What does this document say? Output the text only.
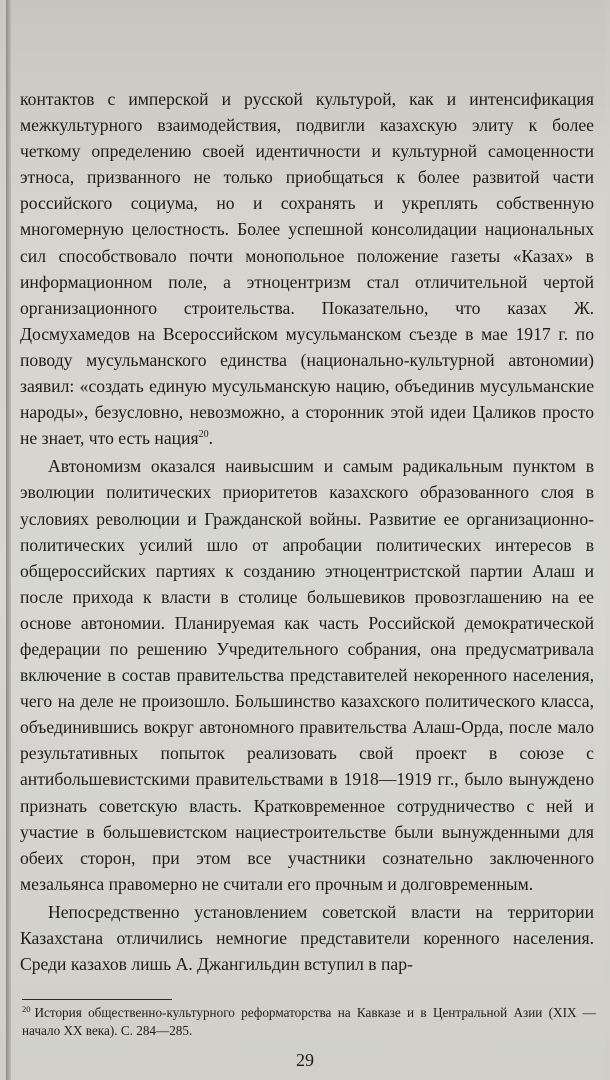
контактов с имперской и русской культурой, как и интенсификация межкультурного взаимодействия, подвигли казахскую элиту к более четкому определению своей идентичности и культурной самоценности этноса, призванного не только приобщаться к более развитой части российского социума, но и сохранять и укреплять собственную многомерную целостность. Более успешной консолидации национальных сил способствовало почти монопольное положение газеты «Казах» в информационном поле, а этноцентризм стал отличительной чертой организационного строительства. Показательно, что казах Ж. Досмухамедов на Всероссийском мусульманском съезде в мае 1917 г. по поводу мусульманского единства (национально-культурной автономии) заявил: «создать единую мусульманскую нацию, объединив мусульманские народы», безусловно, невозможно, а сторонник этой идеи Цаликов просто не знает, что есть нация$^{20}$.

Автономизм оказался наивысшим и самым радикальным пунктом в эволюции политических приоритетов казахского образованного слоя в условиях революции и Гражданской войны. Развитие ее организационно-политических усилий шло от апробации политических интересов в общероссийских партиях к созданию этноцентристской партии Алаш и после прихода к власти в столице большевиков провозглашению на ее основе автономии. Планируемая как часть Российской демократической федерации по решению Учредительного собрания, она предусматривала включение в состав правительства представителей некоренного населения, чего на деле не произошло. Большинство казахского политического класса, объединившись вокруг автономного правительства Алаш-Орда, после мало результативных попыток реализовать свой проект в союзе с антибольшевистскими правительствами в 1918—1919 гг., было вынуждено признать советскую власть. Кратковременное сотрудничество с ней и участие в большевистском нациестроительстве были вынужденными для обеих сторон, при этом все участники сознательно заключенного мезальянса правомерно не считали его прочным и долговременным.

Непосредственно установлением советской власти на территории Казахстана отличились немногие представители коренного населения. Среди казахов лишь А. Джангильдин вступил в пар-

$^{20}$ История общественно-культурного реформаторства на Кавказе и в Центральной Азии (XIX — начало XX века). С. 284—285.
29
